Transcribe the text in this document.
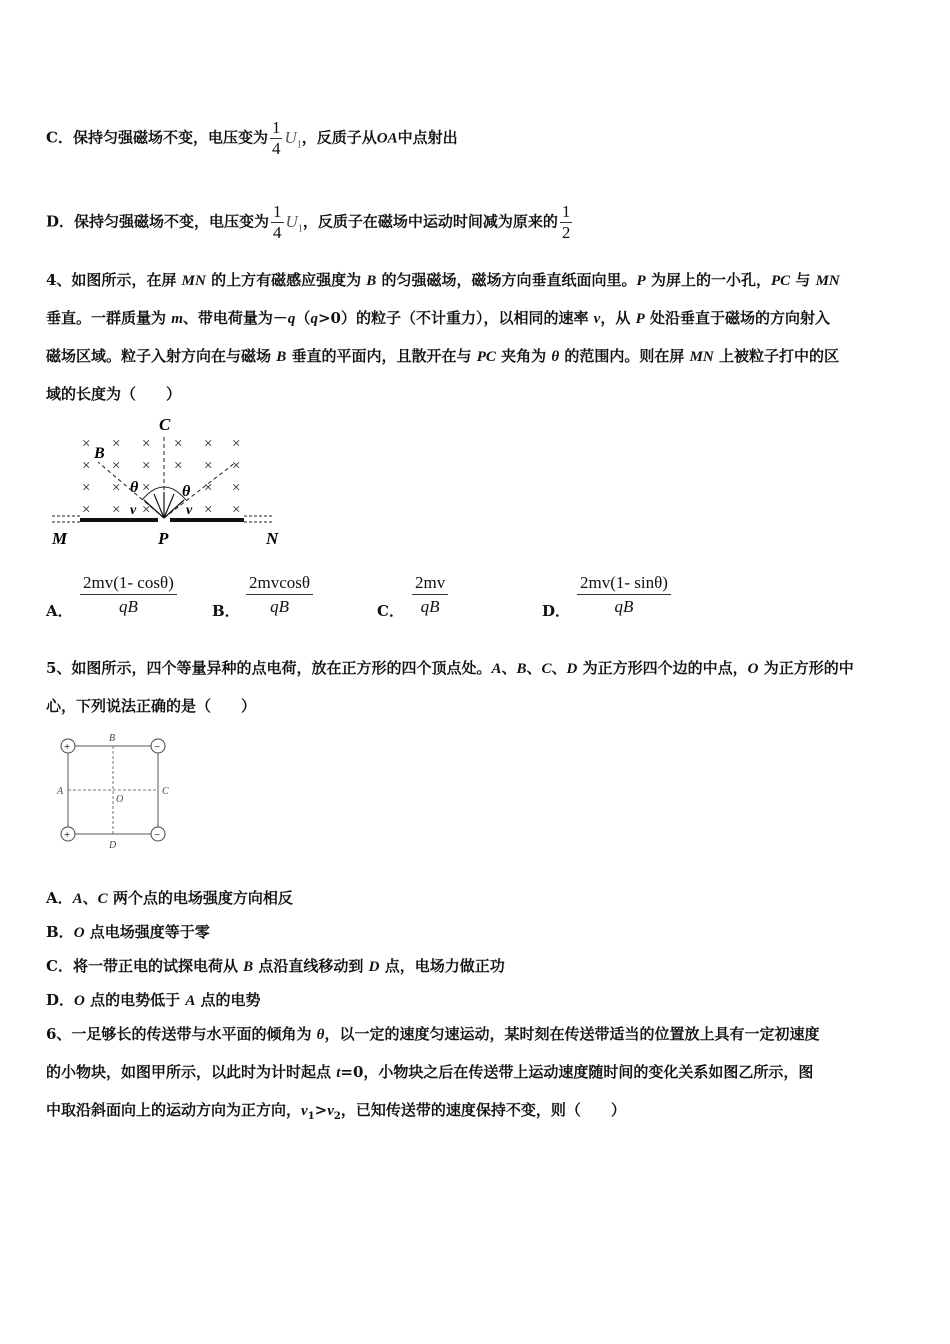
C．保持匀强磁场不变，电压变为 $\frac{1}{4} U_1$，反质子从OA中点射出
D．保持匀强磁场不变，电压变为 $\frac{1}{4} U_1$，反质子在磁场中运动时间减为原来的 $\frac{1}{2}$
4、如图所示，在屏 MN 的上方有磁感应强度为 B 的匀强磁场，磁场方向垂直纸面向里。P 为屏上的一小孔，PC 与 MN
垂直。一群质量为 m、带电荷量为－q（q>0）的粒子（不计重力），以相同的速率 v，从 P 处沿垂直于磁场的方向射入
磁场区域。粒子入射方向在与磁场 B 垂直的平面内，且散开在与 PC 夹角为 θ 的范围内。则在屏 MN 上被粒子打中的区
域的长度为（　　）
× × × × × ×
× × × × × ×
× × ×	× ×
× × ×	× ×
C
B
θ	θ
v	v
M	P	N
A． $\frac{2mv(1- \cos\theta)}{qB}$ B． $\frac{2mvcos\theta}{qB}$	C． $\frac{2mv}{qB}$	D． $\frac{2mv(1- \sin\theta)}{qB}$
5、如图所示，四个等量异种的点电荷，放在正方形的四个顶点处。A、B、C、D 为正方形四个边的中点，O 为正方形的中
心，下列说法正确的是（　　）
+	−
+	−
B
A	C
O
D
A．A、C 两个点的电场强度方向相反
B．O 点电场强度等于零
C．将一带正电的试探电荷从 B 点沿直线移动到 D 点，电场力做正功
D．O 点的电势低于 A 点的电势
6、一足够长的传送带与水平面的倾角为 θ，以一定的速度匀速运动，某时刻在传送带适当的位置放上具有一定初速度
的小物块，如图甲所示，以此时为计时起点 t=0，小物块之后在传送带上运动速度随时间的变化关系如图乙所示，图
中取沿斜面向上的运动方向为正方向，$v_1>v_2$，已知传送带的速度保持不变，则（　　）
